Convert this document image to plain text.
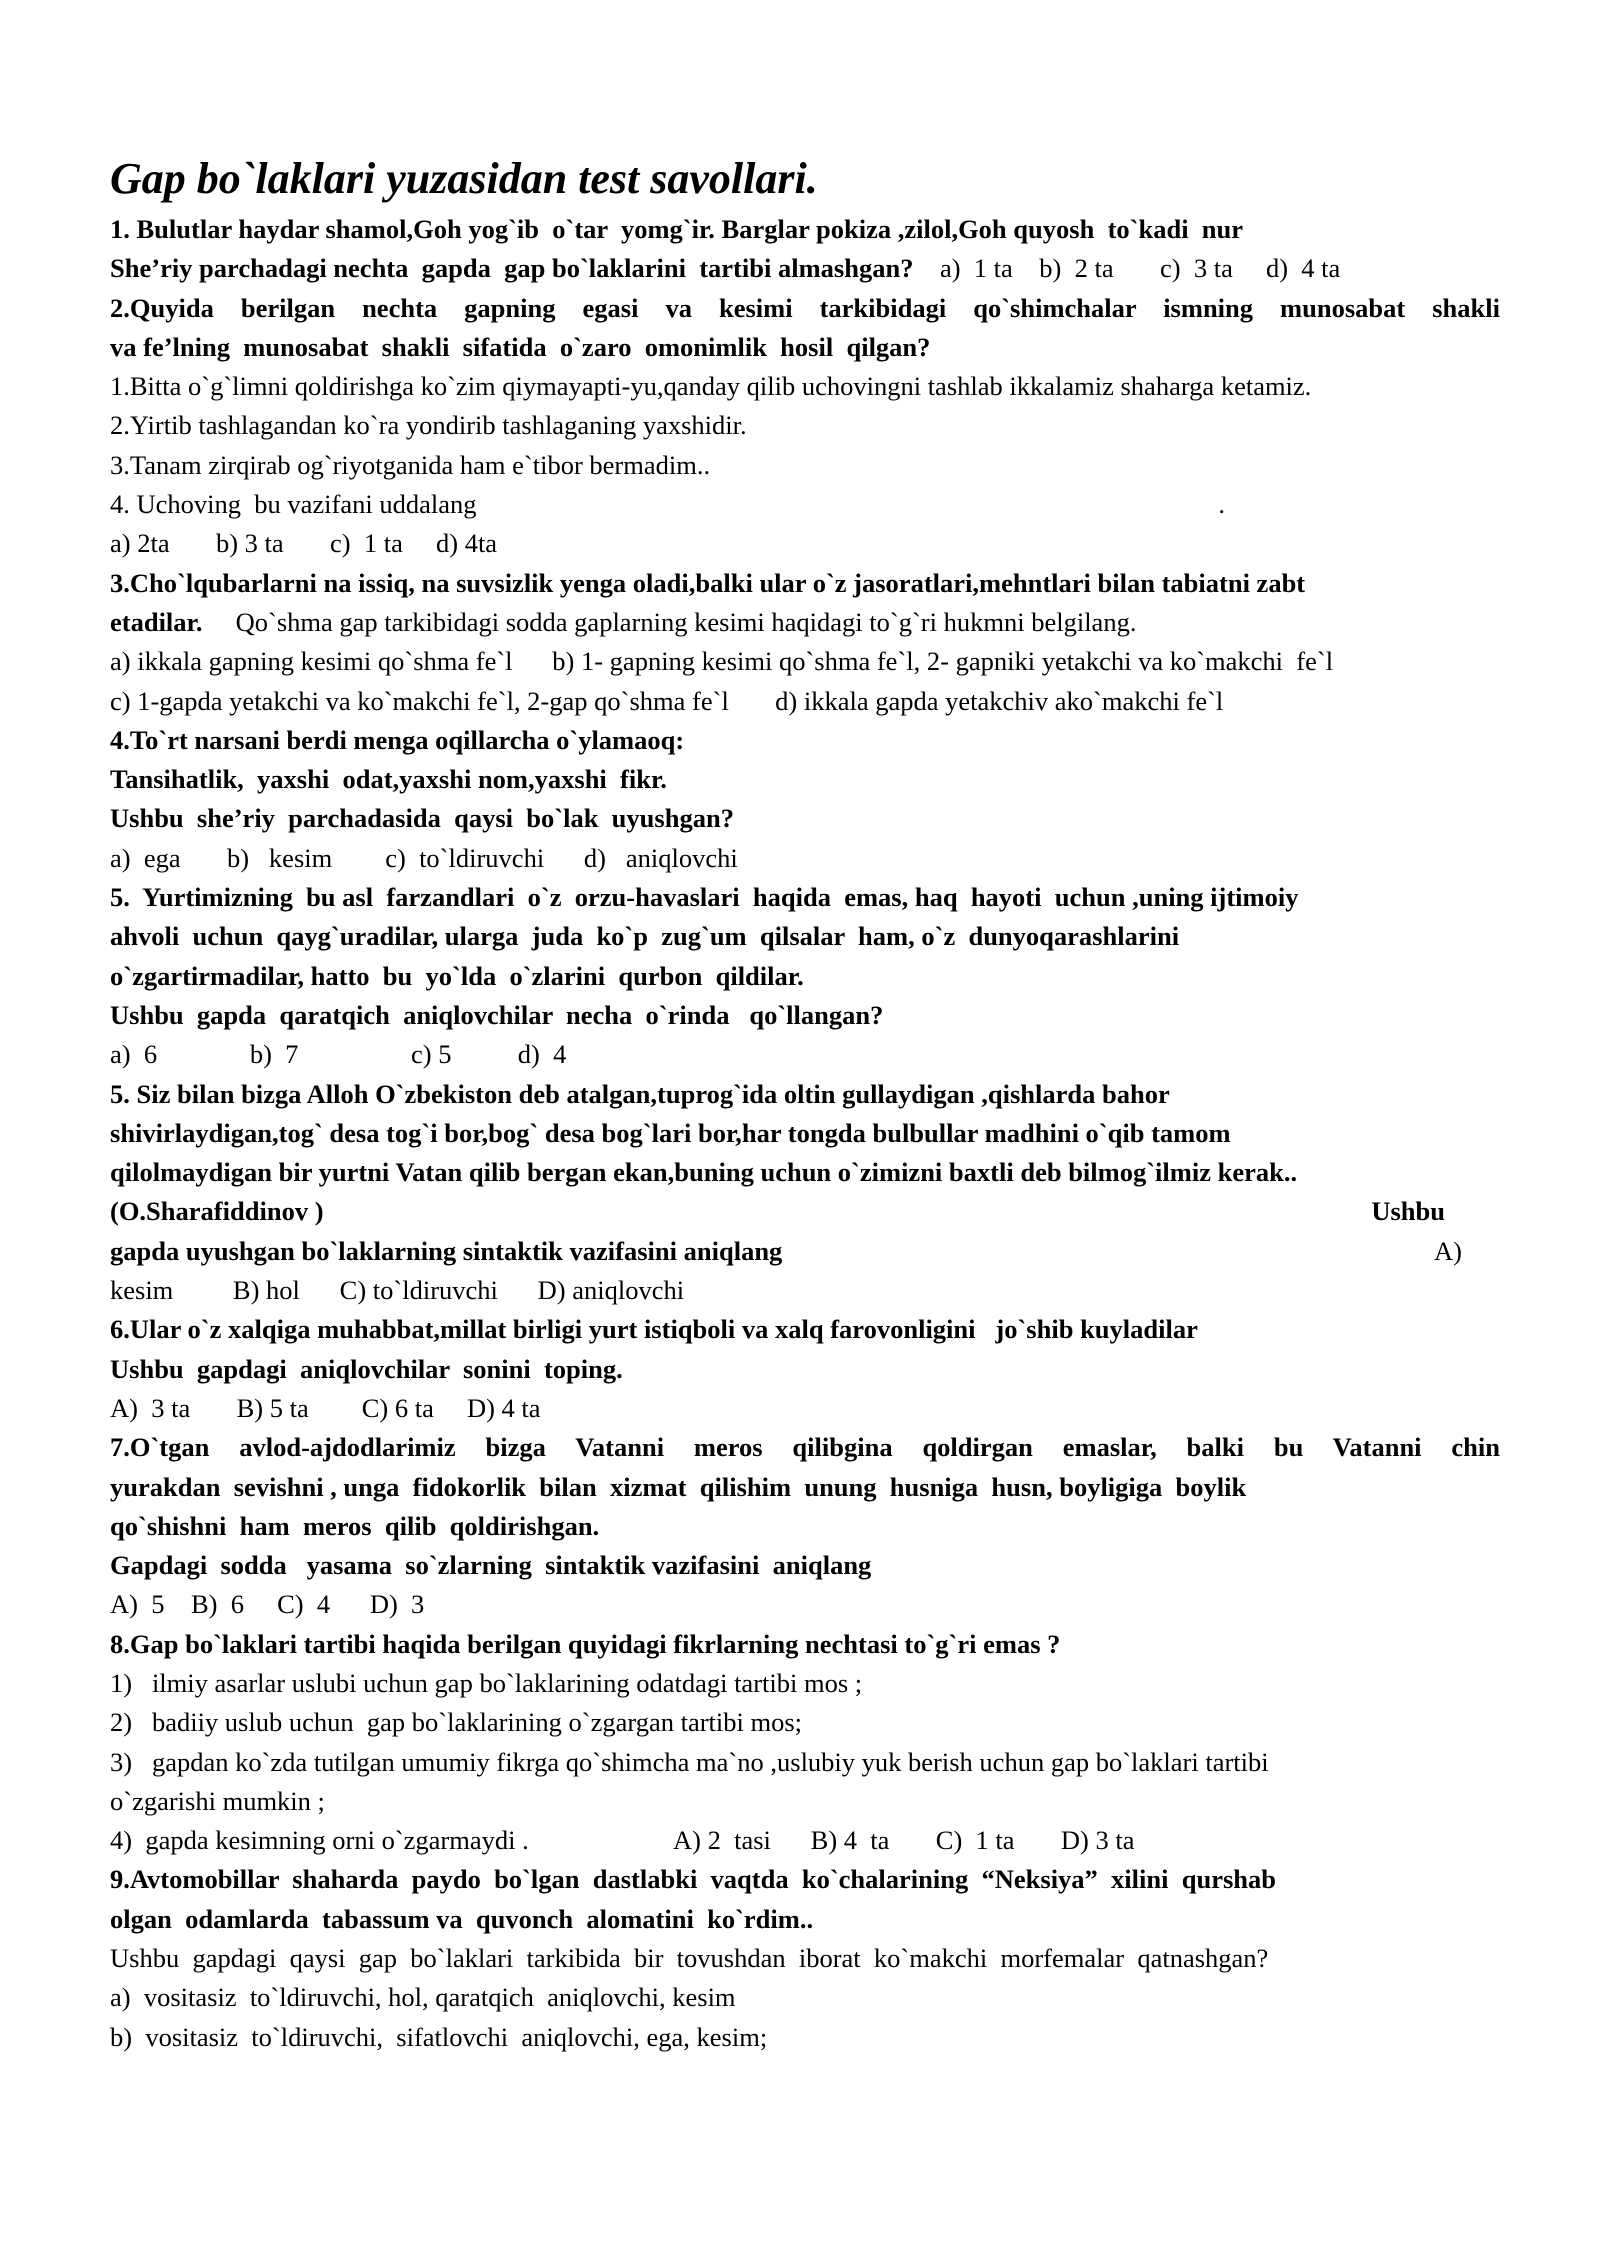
Gap bo`laklari yuzasidan test savollari.
1. Bulutlar haydar shamol,Goh yog`ib  o`tar  yomg`ir. Barglar pokiza ,zilol,Goh quyosh  to`kadi  nur
She’riy parchadagi nechta  gapda  gap bo`laklarini  tartibi almashgan? a)  1 ta    b)  2 ta       c)  3 ta     d)  4 ta
2.Quyida berilgan nechta gapning egasi va kesimi tarkibidagi qo`shimchalar ismning munosabat shakli
va fe’lning  munosabat  shakli  sifatida  o`zaro  omonimlik  hosil  qilgan?
1.Bitta o`g`limni qoldirishga ko`zim qiymayapti-yu,qanday qilib uchovingni tashlab ikkalamiz shaharga ketamiz.
2.Yirtib tashlagandan ko`ra yondirib tashlaganing yaxshidir.
3.Tanam zirqirab og`riyotganida ham e`tibor bermadim..
4. Uchoving  bu vazifani uddalang	.
a) 2ta       b) 3 ta       c)  1 ta     d) 4ta
3.Cho`lqubarlarni na issiq, na suvsizlik yenga oladi,balki ular o`z jasoratlari,mehntlari bilan tabiatni zabt
etadilar.     Qo`shma gap tarkibidagi sodda gaplarning kesimi haqidagi to`g`ri hukmni belgilang.
a) ikkala gapning kesimi qo`shma fe`l      b) 1- gapning kesimi qo`shma fe`l, 2- gapniki yetakchi va ko`makchi  fe`l
c) 1-gapda yetakchi va ko`makchi fe`l, 2-gap qo`shma fe`l       d) ikkala gapda yetakchiv ako`makchi fe`l
4.To`rt narsani berdi menga oqillarcha o`ylamaoq:
Tansihatlik,  yaxshi  odat,yaxshi nom,yaxshi  fikr.
Ushbu  she’riy  parchadasida  qaysi  bo`lak  uyushgan?
a)  ega       b)   kesim        c)  to`ldiruvchi      d)   aniqlovchi
5.  Yurtimizning  bu asl  farzandlari  o`z  orzu-havaslari  haqida  emas, haq  hayoti  uchun ,uning ijtimoiy
ahvoli  uchun  qayg`uradilar, ularga  juda  ko`p  zug`um  qilsalar  ham, o`z  dunyoqarashlarini
o`zgartirmadilar, hatto  bu  yo`lda  o`zlarini  qurbon  qildilar.
Ushbu  gapda  qaratqich  aniqlovchilar  necha  o`rinda   qo`llangan?
a)  6              b)  7                 c) 5          d)  4
5. Siz bilan bizga Alloh O`zbekiston deb atalgan,tuprog`ida oltin gullaydigan ,qishlarda bahor
shivirlaydigan,tog` desa tog`i bor,bog` desa bog`lari bor,har tongda bulbullar madhini o`qib tamom
qilolmaydigan bir yurtni Vatan qilib bergan ekan,buning uchun o`zimizni baxtli deb bilmog`ilmiz kerak..
(O.Sharafiddinov )	Ushbu
gapda uyushgan bo`laklarning sintaktik vazifasini aniqlang	A)
kesim         B) hol      C) to`ldiruvchi      D) aniqlovchi
6.Ular o`z xalqiga muhabbat,millat birligi yurt istiqboli va xalq farovonligini   jo`shib kuyladilar
Ushbu  gapdagi  aniqlovchilar  sonini  toping.
A)  3 ta       B) 5 ta        C) 6 ta     D) 4 ta
7.O`tgan avlod-ajdodlarimiz bizga Vatanni meros qilibgina qoldirgan emaslar, balki bu Vatanni chin
yurakdan  sevishni , unga  fidokorlik  bilan  xizmat  qilishim  unung  husniga  husn, boyligiga  boylik
qo`shishni  ham  meros  qilib  qoldirishgan.
Gapdagi  sodda   yasama  so`zlarning  sintaktik vazifasini  aniqlang
A)  5    B)  6     C)  4      D)  3
8.Gap bo`laklari tartibi haqida berilgan quyidagi fikrlarning nechtasi to`g`ri emas ?
1)   ilmiy asarlar uslubi uchun gap bo`laklarining odatdagi tartibi mos ;
2)   badiiy uslub uchun  gap bo`laklarining o`zgargan tartibi mos;
3)   gapdan ko`zda tutilgan umumiy fikrga qo`shimcha ma`no ,uslubiy yuk berish uchun gap bo`laklari tartibi
o`zgarishi mumkin ;
4)  gapda kesimning orni o`zgarmaydi .	A) 2  tasi      B) 4  ta       C)  1 ta       D) 3 ta
9.Avtomobillar  shaharda  paydo  bo`lgan  dastlabki  vaqtda  ko`chalarining  “Neksiya”  xilini  qurshab
olgan  odamlarda  tabassum va  quvonch  alomatini  ko`rdim..
Ushbu  gapdagi  qaysi  gap  bo`laklari  tarkibida  bir  tovushdan  iborat  ko`makchi  morfemalar  qatnashgan?
a)  vositasiz  to`ldiruvchi, hol, qaratqich  aniqlovchi, kesim
b)  vositasiz  to`ldiruvchi,  sifatlovchi  aniqlovchi, ega, kesim;
